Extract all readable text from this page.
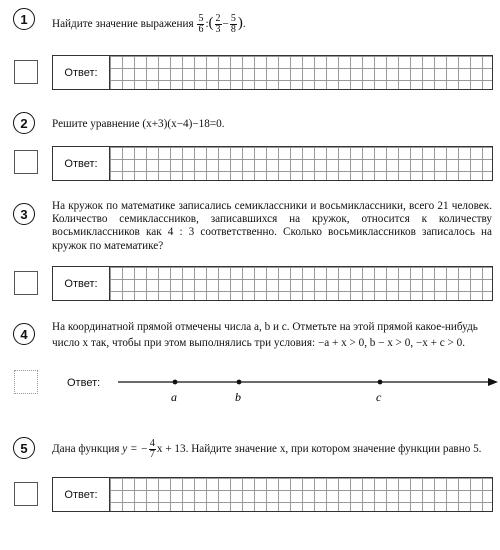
1	Найдите значение выражения $\frac{5}{6}$ :( $\frac{2}{3} - \frac{5}{8}$ ).
Ответ:
2	Решите уравнение (x+3)(x−4)−18=0.
Ответ:
3
На кружок по математике записались семиклассники и восьмиклассники, всего 21 человек. Количество семиклассников, записавшихся на кружок, относится к количеству восьмиклассников как 4 : 3 соответственно. Сколько восьмиклассников записалось на кружок по математике?
Ответ:
4	На координатной прямой отмечены числа a, b и c. Отметьте на этой прямой какое-нибудь
число x так, чтобы при этом выполнялись три условия: −a + x > 0, b − x > 0, −x + c > 0.
Ответ:
a	b	c
5	Дана функция y = − $\frac{4}{7}$ x + 13. Найдите значение x, при котором значение функции равно 5.
Ответ:
